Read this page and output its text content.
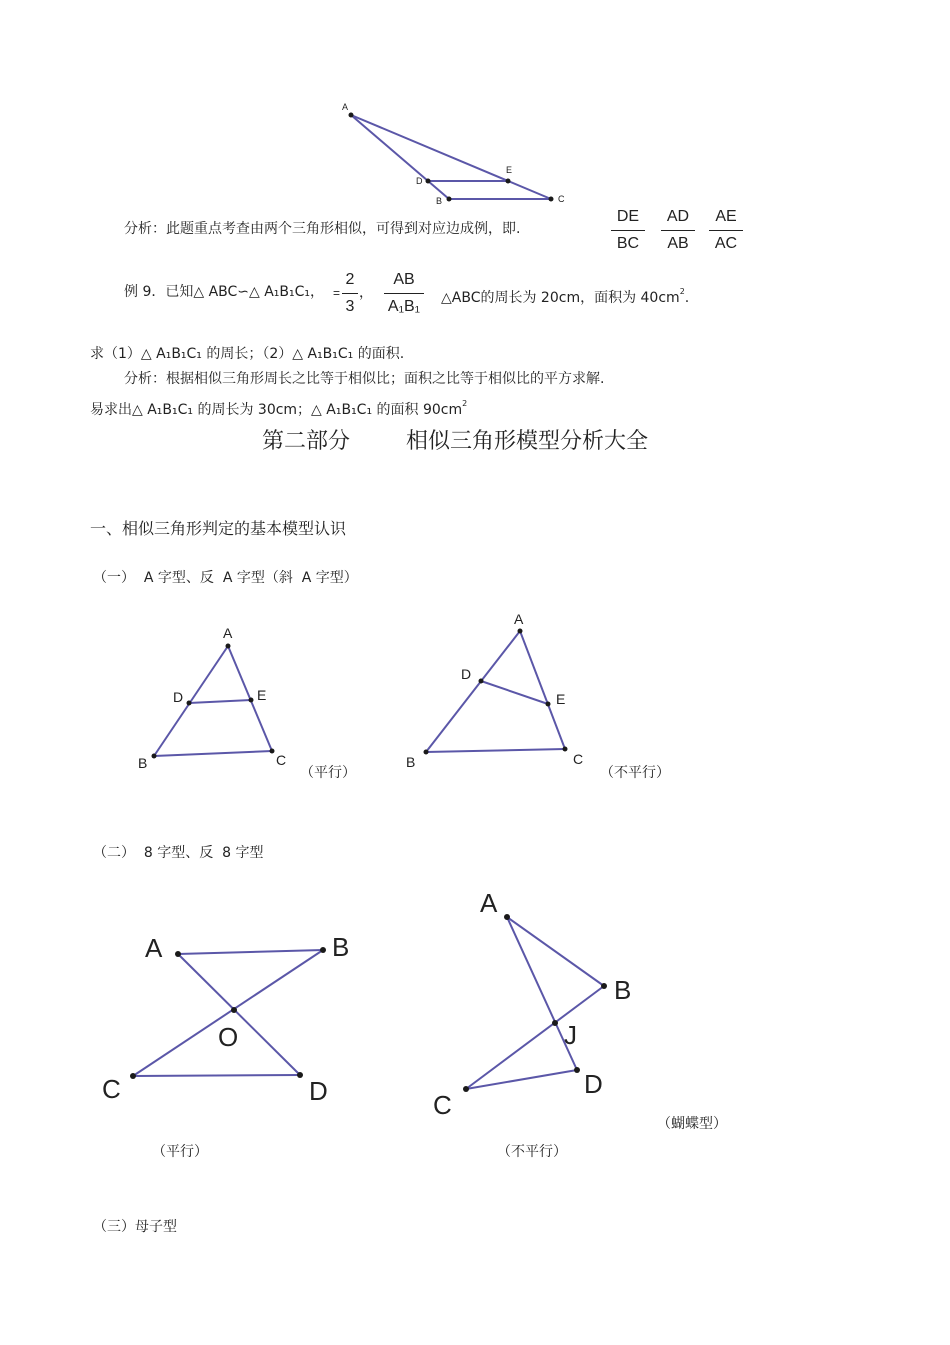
A
D
E
B	C
A
D	E
B	C
A
D
E
B	C
A	B
O
C	D
A
B
J
C
D
分析：此题重点考查由两个三角形相似，可得到对应边成例，即.
DE
BC
AD
AB
AE
AC
例 9．已知△ ABC∽△ A₁B₁C₁， =
2
3
，
AB
A₁B₁ △ABC的周长为 20cm，面积为 $40cm^2$.
求（1）△ A₁B₁C₁ 的周长；（2）△ A₁B₁C₁ 的面积.
分析：根据相似三角形周长之比等于相似比；面积之比等于相似比的平方求解.
易求出△ A₁B₁C₁ 的周长为 30cm；△ A₁B₁C₁ 的面积 $90cm^2$
第二部分        相似三角形模型分析大全
一、相似三角形判定的基本模型认识
（一）  A 字型、反  A 字型（斜  A 字型）
（平行）	（不平行）
（二）  8 字型、反  8 字型
（蝴蝶型）
（平行）	（不平行）
（三）母子型
